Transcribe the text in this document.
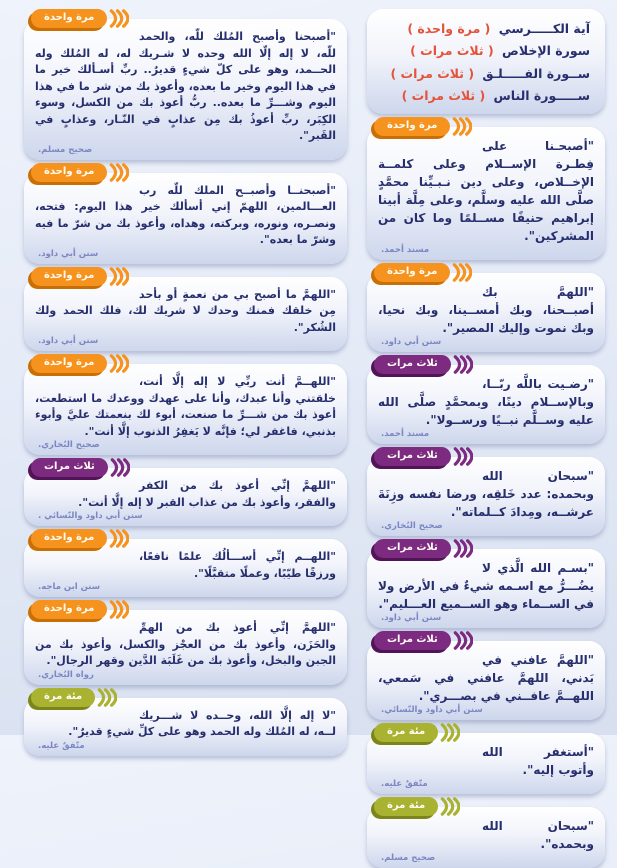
آية الكـــــرسي ( مرة واحدة )
سورة الإخلاص ( ثلاث مرات )
ســورة الفـــــلـق ( ثلاث مرات )
ســـــورة الناس ( ثلاث مرات )
مرة واحدة
"أصبحـنا على فِطـرة الإســلام وعلى كلمــة الإخــلاص، وعلى دين نـبـيِّنا محمَّدٍ صلَّى الله عليه وسلَّم، وعلى مِلَّة أبينا إبراهيم حنيفًا مســلمًا وما كان من المشركين".
مسند أحمد.
مرة واحدة
"اللهمَّ بك أصبــحنا، وبك أمســينا، وبك نحيا، وبك نموت وإليك المصير".
سنن أبي داود.
ثلاث مرات
"رضـيت باللَّه ربّــا، وبالإســلام دينًا، وبمحمَّدٍ صلَّى الله عليه وســلَّم نبــيًا ورســولا".
مسند أحمد.
ثلاث مرات
"سبحان الله وبحمده: عدد خَلقِه، ورضا نفسه وزِنَةَ عرشــه، ومِدادَ كــلماته".
صحيح البُخاري.
ثلاث مرات
"بسـم الله الَّذي لا يضُـــرُّ مع اسـمه شيءٌ في الأرض ولا في الســماء وهو الســميع العـــليم".
سنن أبي داود.
ثلاث مرات
"اللهمَّ عافني في بَدني، اللهمَّ عافني في سَمعي، اللهــمَّ عافــني في بصـــري".
سنن أبي داود والنّسائي.
مئة مرة
"أستغفر الله وأتوب إليه".
متّفقٌ عليه.
مئة مرة
"سبحان الله وبحمده".
صحيح مسلم.
مرة واحدة
"أصبحنا وأصبح المُلك للّه، والحمد للّه، لا إله إلّا الله وحده لا شـريك له، له المُلك وله الحــمد، وهو على كلّ شيءٍ قديرٌ.. ربِّ أسـألك خير ما في هذا اليوم وخير ما بعده، وأعوذ بك من شر ما في هذا اليوم وشـــرِّ ما بعده.. ربُّ أعوذ بك من الكسل، وسوء الكِبَر، ربِّ أعوذُ بك مِن عذابٍ في النّـار، وعذابٍ في القَبر".
صحيح مسلم.
مرة واحدة
"أصبحنــا وأصبــح الملك للّه رب العـــالمين، اللهمّ إني أسألك خير هذا اليوم: فتحه، ونصـره، ونوره، وبركته، وهداه، وأعوذ بك من شرّ ما فيه وشرّ ما بعده".
سنن أبي داود.
مرة واحدة
"اللهمَّ ما أصبح بي من نعمةٍ أو بأحد مِن خلقك فمنك وحدك لا شريك لك، فلك الحمد ولك الشُكر".
سنن أبي داود.
مرة واحدة
"اللهــمَّ أنت ربِّي لا إله إلَّا أنت، خلقتني وأنا عبدك، وأنا على عهدك ووعدك ما استطعت، أعوذ بك من شـــرِّ ما صنعت، أبوء لك بنعمتك عليَّ وأبوء بذنبي، فاغفر لي؛ فإنَّه لا يَغفِرُ الذنوب إلَّا أنت".
صحيح البُخاري.
ثلاث مرات
"اللهمَّ إنِّي أعوذ بك من الكفر والفقر، وأعوذ بك من عذاب القبر لا إله إلَّا أنت".
سنن أبي داود والنّسائي .
مرة واحدة
"اللهــم إنِّي أســـألُك علمًا نافعًا، ورزقًا طيّبًا، وعملًا متقبَّلًا".
سنن ابن ماجه.
مرة واحدة
"اللهمَّ إنِّي أعوذ بك من الهمِّ والحَزَن، وأعوذ بك من العجْز والكسل، وأعوذ بك من الجبن والبخل، وأعوذ بك من غَلَبَة الدَّين وقهر الرجال".
رواه البُخاري.
مئة مرة
"لا إله إلَّا الله، وحــده لا شـــريك لــه، له المُلك وله الحمد وهو على كلِّ شيءٍ قديرٌ".
متّفقٌ عليه.
